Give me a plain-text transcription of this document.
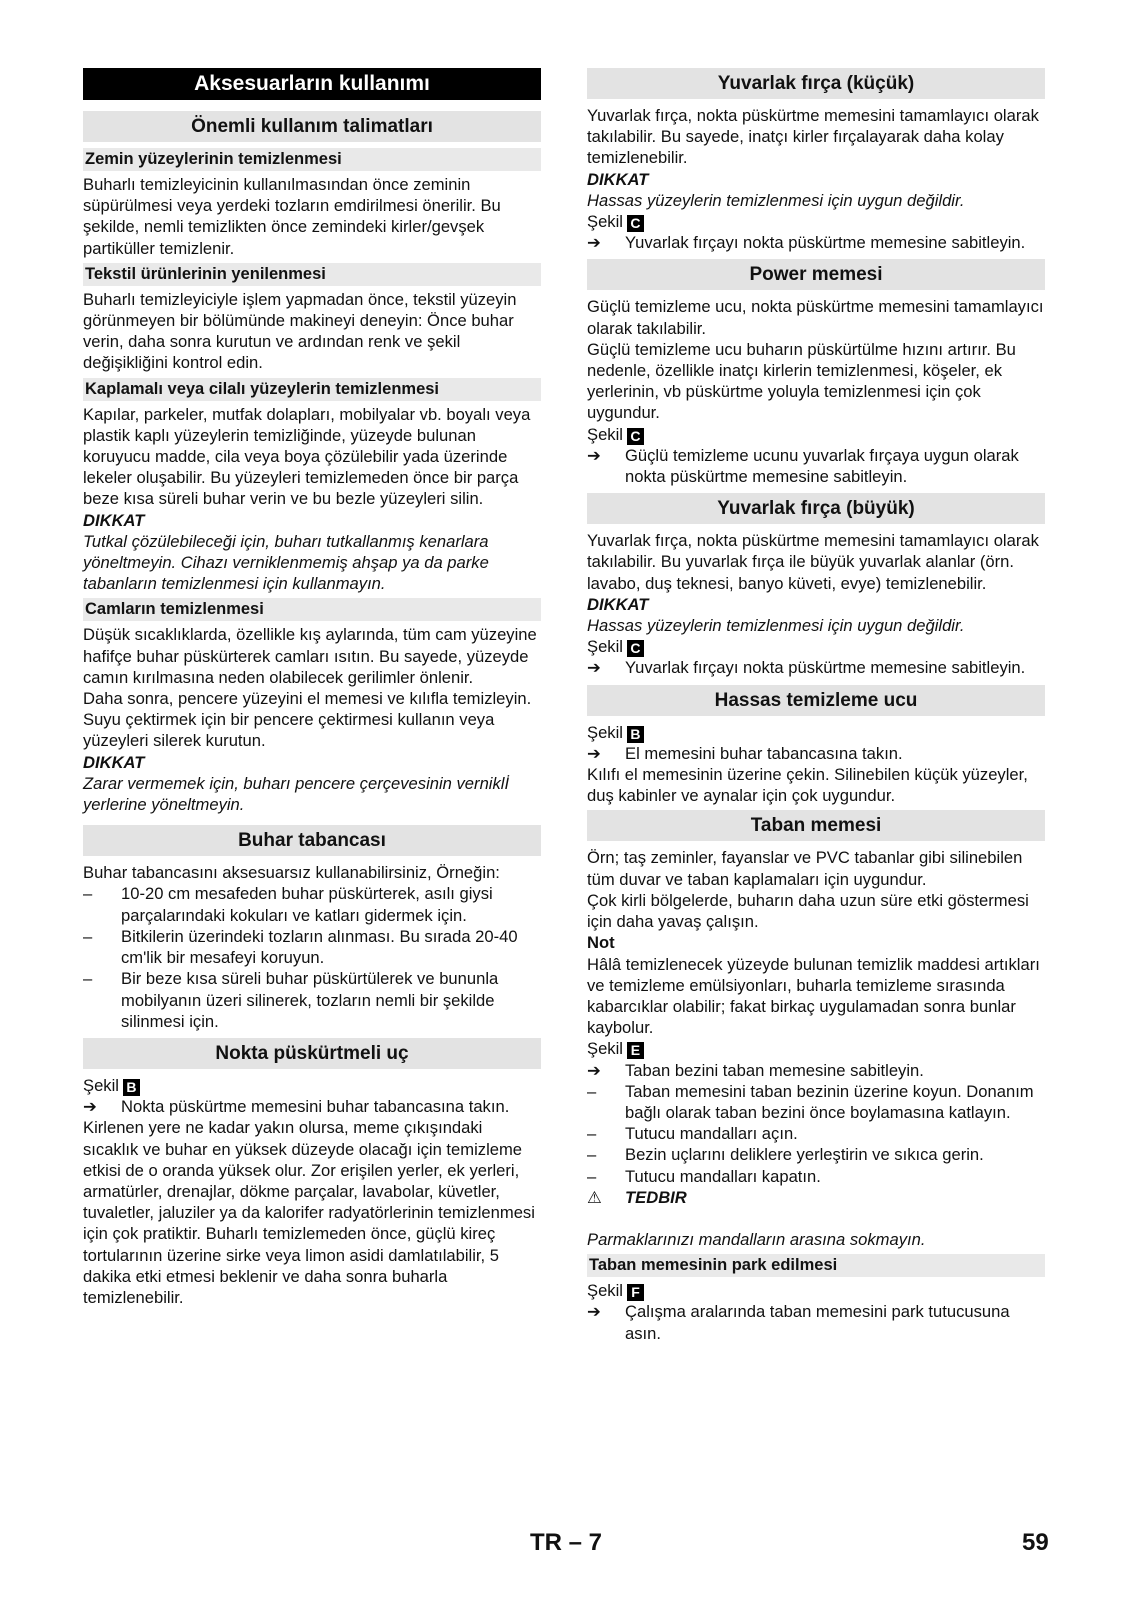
Aksesuarların kullanımı
Önemli kullanım talimatları
Zemin yüzeylerinin temizlenmesi

Buharlı temizleyicinin kullanılmasından önce zeminin süpürülmesi veya yerdeki tozların emdirilmesi önerilir. Bu şekilde, nemli temizlikten önce zemindeki kirler/gevşek partiküller temizlenir.

Tekstil ürünlerinin yenilenmesi

Buharlı temizleyiciyle işlem yapmadan önce, tekstil yüzeyin görünmeyen bir bölümünde makineyi deneyin: Önce buhar verin, daha sonra kurutun ve ardından renk ve şekil değişikliğini kontrol edin.

Kaplamalı veya cilalı yüzeylerin temizlenmesi

Kapılar, parkeler, mutfak dolapları, mobilyalar vb. boyalı veya plastik kaplı yüzeylerin temizliğinde, yüzeyde bulunan koruyucu madde, cila veya boya çözülebilir yada üzerinde lekeler oluşabilir. Bu yüzeyleri temizlemeden önce bir parça beze kısa süreli buhar verin ve bu bezle yüzeyleri silin.

DIKKAT

Tutkal çözülebileceği için, buharı tutkallanmış kenarlara yöneltmeyin. Cihazı verniklenmemiş ahşap ya da parke tabanların temizlenmesi için kullanmayın.

Camların temizlenmesi

Düşük sıcaklıklarda, özellikle kış aylarında, tüm cam yüzeyine hafifçe buhar püskürterek camları ısıtın. Bu sayede, yüzeyde camın kırılmasına neden olabilecek gerilimler önlenir.

Daha sonra, pencere yüzeyini el memesi ve kılıfla temizleyin. Suyu çektirmek için bir pencere çektirmesi kullanın veya yüzeyleri silerek kurutun.

DIKKAT

Zarar vermemek için, buharı pencere çerçevesinin verniklİ yerlerine yöneltmeyin.

Buhar tabancası

Buhar tabancasını aksesuarsız kullanabilirsiniz, Örneğin:

–	10-20 cm mesafeden buhar püskürterek, asılı giysi parçalarındaki kokuları ve katları gidermek için.
–	Bitkilerin üzerindeki tozların alınması. Bu sırada 20-40 cm'lik bir mesafeyi koruyun.
–	Bir beze kısa süreli buhar püskürtülerek ve bununla mobilyanın üzeri silinerek, tozların nemli bir şekilde silinmesi için.
Nokta püskürtmeli uç
Şekil B
➔	Nokta püskürtme memesini buhar tabancasına takın.

Kirlenen yere ne kadar yakın olursa, meme çıkışındaki sıcaklık ve buhar en yüksek düzeyde olacağı için temizleme etkisi de o oranda yüksek olur. Zor erişilen yerler, ek yerleri, armatürler, drenajlar, dökme parçalar, lavabolar, küvetler, tuvaletler, jaluziler ya da kalorifer radyatörlerinin temizlenmesi için çok pratiktir. Buharlı temizlemeden önce, güçlü kireç tortularının üzerine sirke veya limon asidi damlatılabilir, 5 dakika etki etmesi beklenir ve daha sonra buharla temizlenebilir.

Yuvarlak fırça (küçük)

Yuvarlak fırça, nokta püskürtme memesini tamamlayıcı olarak takılabilir. Bu sayede, inatçı kirler fırçalayarak daha kolay temizlenebilir.

DIKKAT
Hassas yüzeylerin temizlenmesi için uygun değildir.
Şekil C
➔	Yuvarlak fırçayı nokta püskürtme memesine sabitleyin.
Power memesi

Güçlü temizleme ucu, nokta püskürtme memesini tamamlayıcı olarak takılabilir.

Güçlü temizleme ucu buharın püskürtülme hızını artırır. Bu nedenle, özellikle inatçı kirlerin temizlenmesi, köşeler, ek yerlerinin, vb püskürtme yoluyla temizlenmesi için çok uygundur.

Şekil C
➔	Güçlü temizleme ucunu yuvarlak fırçaya uygun olarak nokta püskürtme memesine sabitleyin.
Yuvarlak fırça (büyük)

Yuvarlak fırça, nokta püskürtme memesini tamamlayıcı olarak takılabilir. Bu yuvarlak fırça ile büyük yuvarlak alanlar (örn. lavabo, duş teknesi, banyo küveti, evye) temizlenebilir.

DIKKAT
Hassas yüzeylerin temizlenmesi için uygun değildir.
Şekil C
➔	Yuvarlak fırçayı nokta püskürtme memesine sabitleyin.
Hassas temizleme ucu
Şekil B
➔	El memesini buhar tabancasına takın.

Kılıfı el memesinin üzerine çekin. Silinebilen küçük yüzeyler, duş kabinler ve aynalar için çok uygundur.

Taban memesi

Örn; taş zeminler, fayanslar ve PVC tabanlar gibi silinebilen tüm duvar ve taban kaplamaları için uygundur.

Çok kirli bölgelerde, buharın daha uzun süre etki göstermesi için daha yavaş çalışın.

Not

Hâlâ temizlenecek yüzeyde bulunan temizlik maddesi artıkları ve temizleme emülsiyonları, buharla temizleme sırasında kabarcıklar olabilir; fakat birkaç uygulamadan sonra bunlar kaybolur.

Şekil E
➔	Taban bezini taban memesine sabitleyin.
–	Taban memesini taban bezinin üzerine koyun. Donanım bağlı olarak taban bezini önce boylamasına katlayın.
–	Tutucu mandalları açın.
–	Bezin uçlarını deliklere yerleştirin ve sıkıca gerin.
–	Tutucu mandalları kapatın.
⚠	TEDBIR
Parmaklarınızı mandalların arasına sokmayın.
Taban memesinin park edilmesi
Şekil F
➔	Çalışma aralarında taban memesini park tutucusuna asın.
TR – 7	59
